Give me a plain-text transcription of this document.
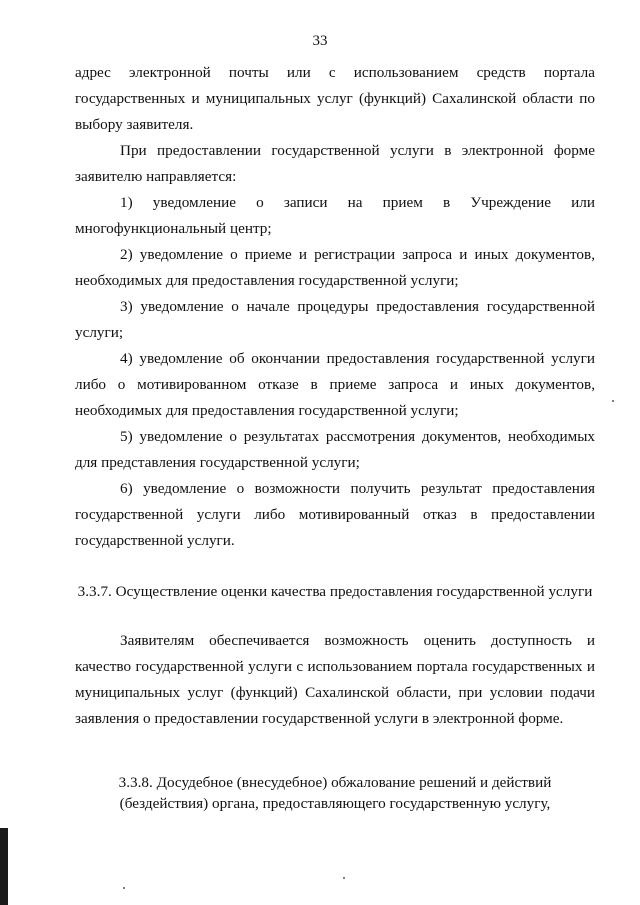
33

адрес электронной почты или с использованием средств портала государственных и муниципальных услуг (функций) Сахалинской области по выбору заявителя.

При предоставлении государственной услуги в электронной форме заявителю направляется:

1) уведомление о записи на прием в Учреждение или многофункциональный центр;

2) уведомление о приеме и регистрации запроса и иных документов, необходимых для предоставления государственной услуги;

3) уведомление о начале процедуры предоставления государственной услуги;

4) уведомление об окончании предоставления государственной услуги либо о мотивированном отказе в приеме запроса и иных документов, необходимых для предоставления государственной услуги;

5) уведомление о результатах рассмотрения документов, необходимых для представления государственной услуги;

6) уведомление о возможности получить результат предоставления государственной услуги либо мотивированный отказ в предоставлении государственной услуги.

3.3.7. Осуществление оценки качества предоставления государственной услуги

Заявителям обеспечивается возможность оценить доступность и качество государственной услуги с использованием портала государственных и муниципальных услуг (функций) Сахалинской области, при условии подачи заявления о предоставлении государственной услуги в электронной форме.

3.3.8. Досудебное (внесудебное) обжалование решений и действий (бездействия) органа, предоставляющего государственную услугу,
